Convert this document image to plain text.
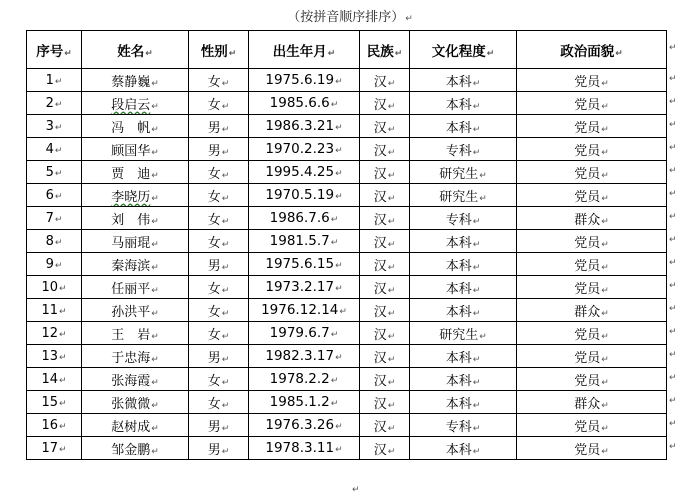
（按拼音顺序排序）↵
序号↵	姓名↵	性别↵	出生年月↵	民族↵	文化程度↵	政治面貌↵
1↵	蔡静巍↵	女↵	1975.6.19↵	汉↵	本科↵	党员↵
2↵	段启云↵	女↵	1985.6.6↵	汉↵	本科↵	党员↵
3↵	冯　帆↵	男↵	1986.3.21↵	汉↵	本科↵	党员↵
4↵	顾国华↵	男↵	1970.2.23↵	汉↵	专科↵	党员↵
5↵	贾　迪↵	女↵	1995.4.25↵	汉↵	研究生↵	党员↵
6↵	李晓历↵	女↵	1970.5.19↵	汉↵	研究生↵	党员↵
7↵	刘　伟↵	女↵	1986.7.6↵	汉↵	专科↵	群众↵
8↵	马丽琨↵	女↵	1981.5.7↵	汉↵	本科↵	党员↵
9↵	秦海滨↵	男↵	1975.6.15↵	汉↵	本科↵	党员↵
10↵	任丽平↵	女↵	1973.2.17↵	汉↵	本科↵	党员↵
11↵	孙洪平↵	女↵	1976.12.14↵	汉↵	本科↵	群众↵
12↵	王　岩↵	女↵	1979.6.7↵	汉↵	研究生↵	党员↵
13↵	于忠海↵	男↵	1982.3.17↵	汉↵	本科↵	党员↵
14↵	张海霞↵	女↵	1978.2.2↵	汉↵	本科↵	党员↵
15↵	张微微↵	女↵	1985.1.2↵	汉↵	本科↵	群众↵
16↵	赵树成↵	男↵	1976.3.26↵	汉↵	专科↵	党员↵
17↵	邹金鹏↵	男↵	1978.3.11↵	汉↵	本科↵	党员↵
↵
↵
↵
↵
↵
↵
↵
↵
↵
↵
↵
↵
↵
↵
↵
↵
↵
↵
↵
